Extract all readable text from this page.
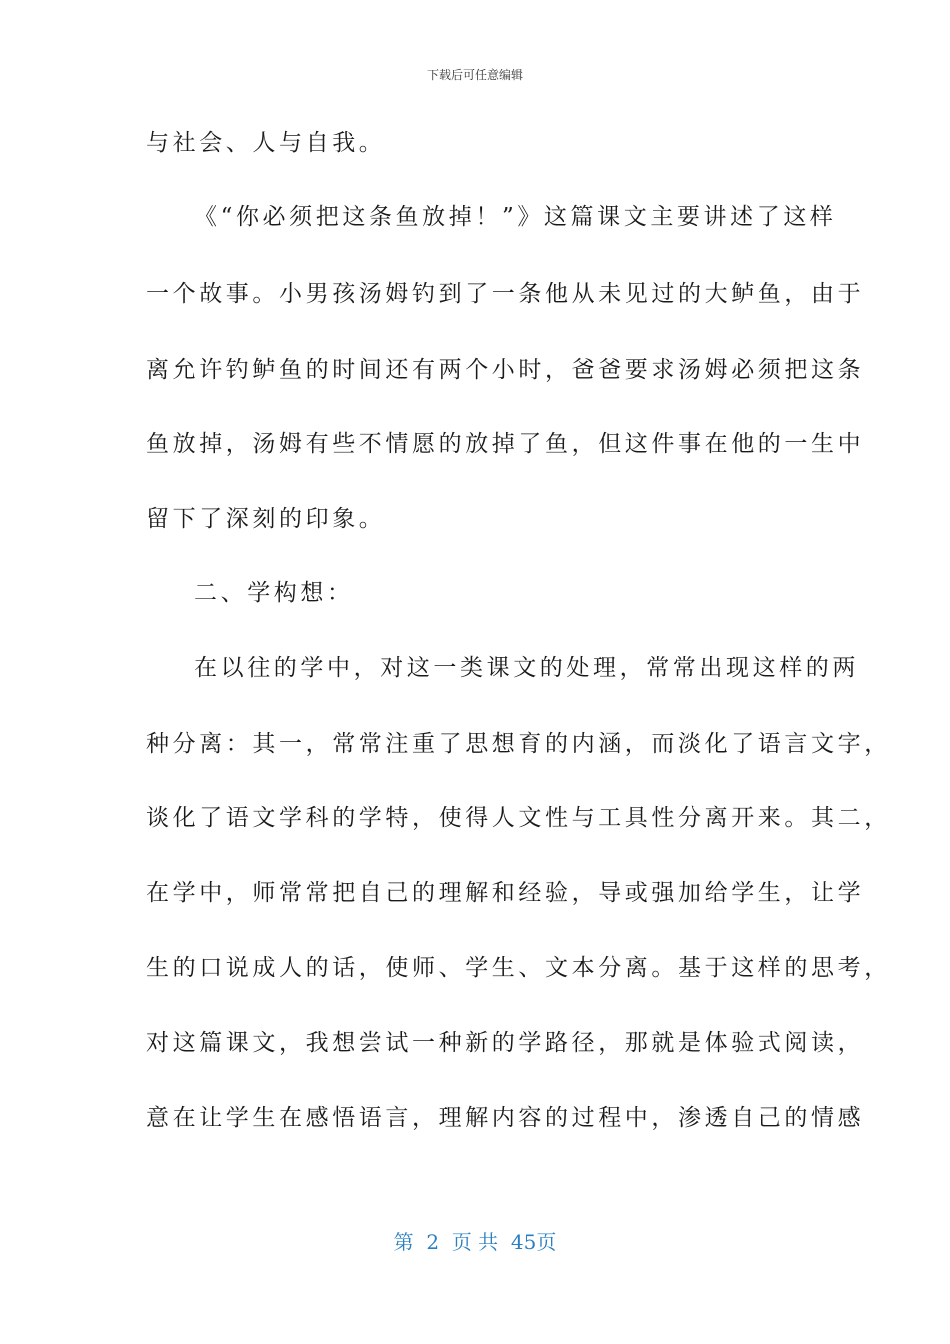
下载后可任意编辑
与社会、人与自我。
《“你必须把这条鱼放掉！”》这篇课文主要讲述了这样
一个故事。小男孩汤姆钓到了一条他从未见过的大鲈鱼，由于
离允许钓鲈鱼的时间还有两个小时，爸爸要求汤姆必须把这条
鱼放掉，汤姆有些不情愿的放掉了鱼，但这件事在他的一生中
留下了深刻的印象。
二、学构想：
在以往的学中，对这一类课文的处理，常常出现这样的两
种分离：其一，常常注重了思想育的内涵，而淡化了语言文字，
谈化了语文学科的学特，使得人文性与工具性分离开来。其二，
在学中，师常常把自己的理解和经验，导或强加给学生，让学
生的口说成人的话，使师、学生、文本分离。基于这样的思考，
对这篇课文，我想尝试一种新的学路径，那就是体验式阅读，
意在让学生在感悟语言，理解内容的过程中，渗透自己的情感
第 2 页 共 45页
